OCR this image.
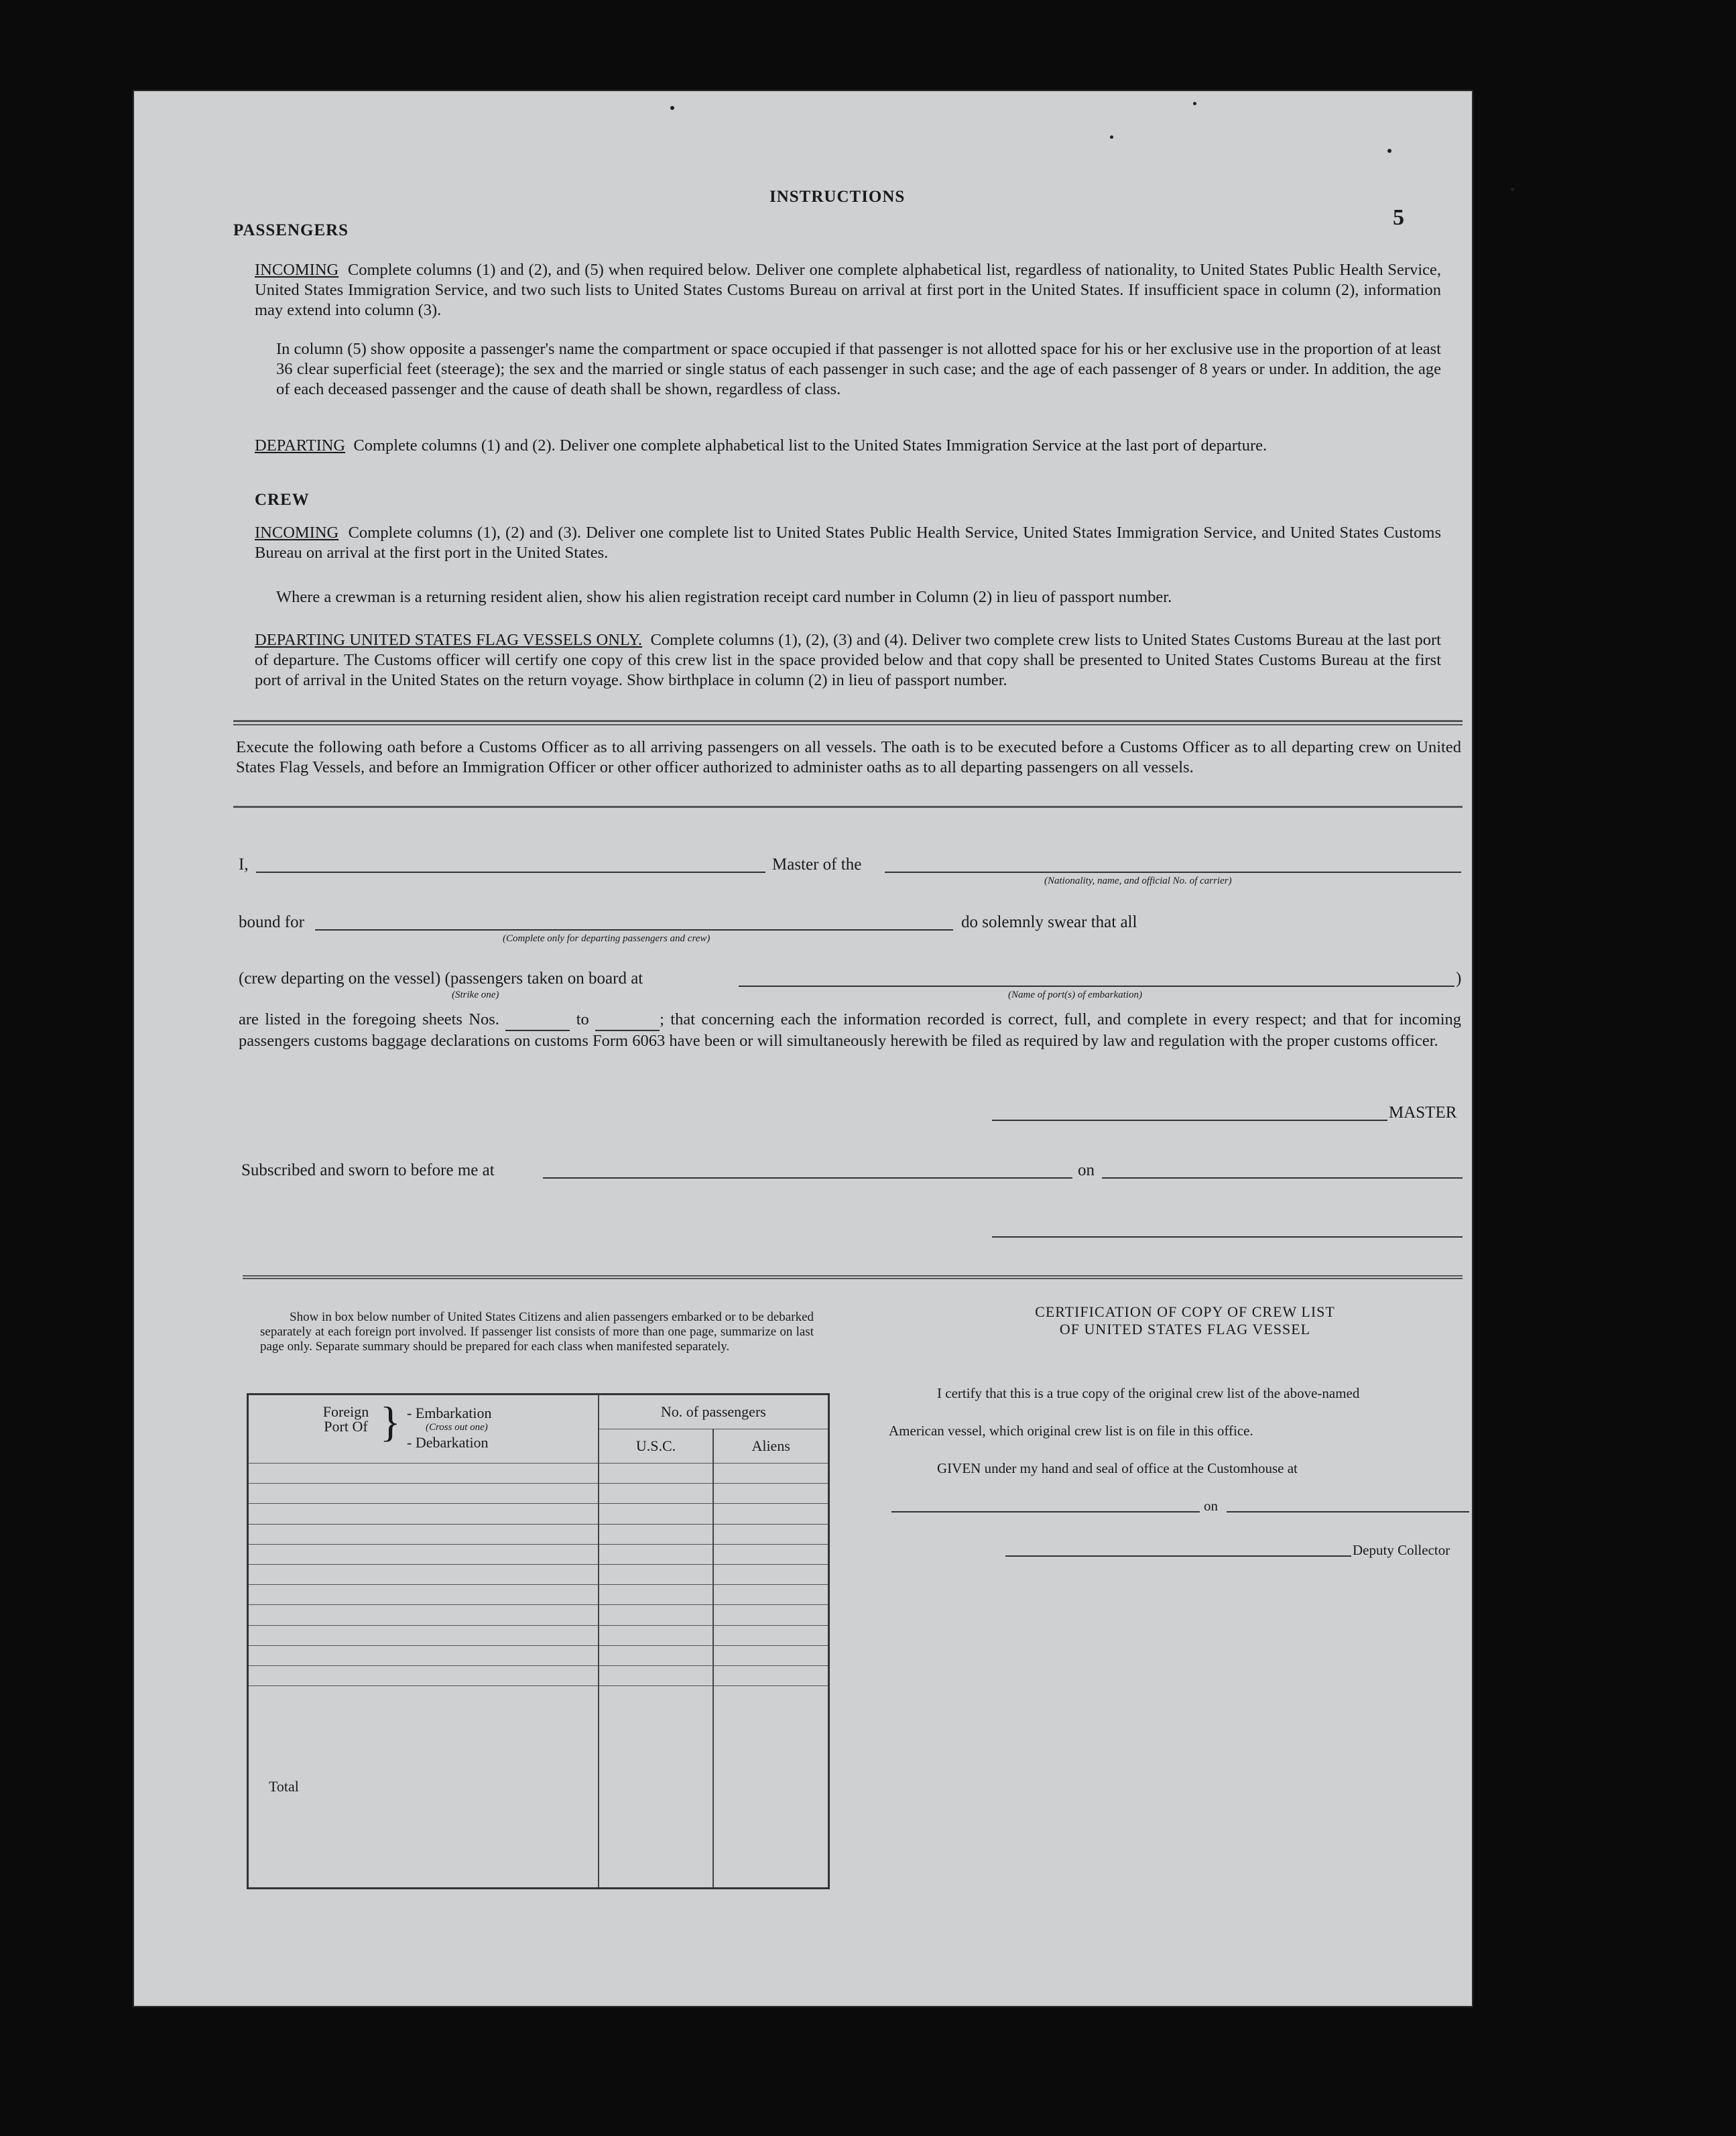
INSTRUCTIONS
5
PASSENGERS
INCOMING Complete columns (1) and (2), and (5) when required below. Deliver one complete alphabetical list, regardless of nationality, to United States Public Health Service, United States Immigration Service, and two such lists to United States Customs Bureau on arrival at first port in the United States. If insufficient space in column (2), information may extend into column (3).
In column (5) show opposite a passenger's name the compartment or space occupied if that passenger is not allotted space for his or her exclusive use in the proportion of at least 36 clear superficial feet (steerage); the sex and the married or single status of each passenger in such case; and the age of each passenger of 8 years or under. In addition, the age of each deceased passenger and the cause of death shall be shown, regardless of class.
DEPARTING Complete columns (1) and (2). Deliver one complete alphabetical list to the United States Immigration Service at the last port of departure.
CREW
INCOMING Complete columns (1), (2) and (3). Deliver one complete list to United States Public Health Service, United States Immigration Service, and United States Customs Bureau on arrival at the first port in the United States.
Where a crewman is a returning resident alien, show his alien registration receipt card number in Column (2) in lieu of passport number.
DEPARTING UNITED STATES FLAG VESSELS ONLY. Complete columns (1), (2), (3) and (4). Deliver two complete crew lists to United States Customs Bureau at the last port of departure. The Customs officer will certify one copy of this crew list in the space provided below and that copy shall be presented to United States Customs Bureau at the first port of arrival in the United States on the return voyage. Show birthplace in column (2) in lieu of passport number.
Execute the following oath before a Customs Officer as to all arriving passengers on all vessels. The oath is to be executed before a Customs Officer as to all departing crew on United States Flag Vessels, and before an Immigration Officer or other officer authorized to administer oaths as to all departing passengers on all vessels.
I,	Master of the
(Nationality, name, and official No. of carrier)
bound for
(Complete only for departing passengers and crew)
do solemnly swear that all
(crew departing on the vessel) (passengers taken on board at	)
(Strike one)	(Name of port(s) of embarkation)
are listed in the foregoing sheets Nos.	to	; that concerning each the information recorded is correct, full, and complete in every respect; and that for incoming passengers customs baggage declarations on customs Form 6063 have been or will simultaneously herewith be filed as required by law and regulation with the proper customs officer.
MASTER
Subscribed and sworn to before me at	on
Show in box below number of United States Citizens and alien passengers embarked or to be debarked separately at each foreign port involved. If passenger list consists of more than one page, summarize on last page only. Separate summary should be prepared for each class when manifested separately.
Foreign Port Of } - Embarkation
(Cross out one)
- Debarkation	No. of passengers	
	U.S.C.	Aliens

Total		
CERTIFICATION OF COPY OF CREW LIST
OF UNITED STATES FLAG VESSEL
I certify that this is a true copy of the original crew list of the above-named
American vessel, which original crew list is on file in this office.
GIVEN under my hand and seal of office at the Customhouse at
on
Deputy Collector
